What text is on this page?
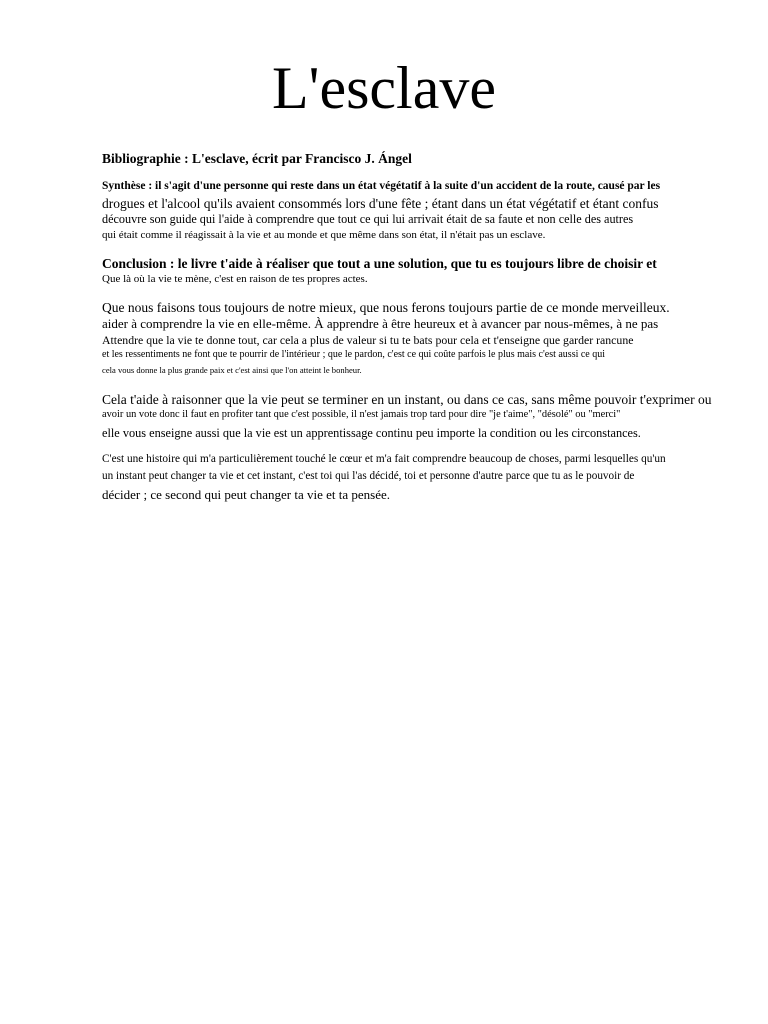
L'esclave

Bibliographie : L'esclave, écrit par Francisco J. Ángel

Synthèse : il s'agit d'une personne qui reste dans un état végétatif à la suite d'un accident de la route, causé par les

drogues et l'alcool qu'ils avaient consommés lors d'une fête ; étant dans un état végétatif et étant confus

découvre son guide qui l'aide à comprendre que tout ce qui lui arrivait était de sa faute et non celle des autres

qui était comme il réagissait à la vie et au monde et que même dans son état, il n'était pas un esclave.

Conclusion : le livre t'aide à réaliser que tout a une solution, que tu es toujours libre de choisir et

Que là où la vie te mène, c'est en raison de tes propres actes.

Que nous faisons tous toujours de notre mieux, que nous ferons toujours partie de ce monde merveilleux.

aider à comprendre la vie en elle-même. À apprendre à être heureux et à avancer par nous-mêmes, à ne pas

Attendre que la vie te donne tout, car cela a plus de valeur si tu te bats pour cela et t'enseigne que garder rancune

et les ressentiments ne font que te pourrir de l'intérieur ; que le pardon, c'est ce qui coûte parfois le plus mais c'est aussi ce qui

cela vous donne la plus grande paix et c'est ainsi que l'on atteint le bonheur.

Cela t'aide à raisonner que la vie peut se terminer en un instant, ou dans ce cas, sans même pouvoir t'exprimer ou

avoir un vote donc il faut en profiter tant que c'est possible, il n'est jamais trop tard pour dire "je t'aime", "désolé" ou "merci"

elle vous enseigne aussi que la vie est un apprentissage continu peu importe la condition ou les circonstances.

C'est une histoire qui m'a particulièrement touché le cœur et m'a fait comprendre beaucoup de choses, parmi lesquelles qu'un

un instant peut changer ta vie et cet instant, c'est toi qui l'as décidé, toi et personne d'autre parce que tu as le pouvoir de

décider ; ce second qui peut changer ta vie et ta pensée.
